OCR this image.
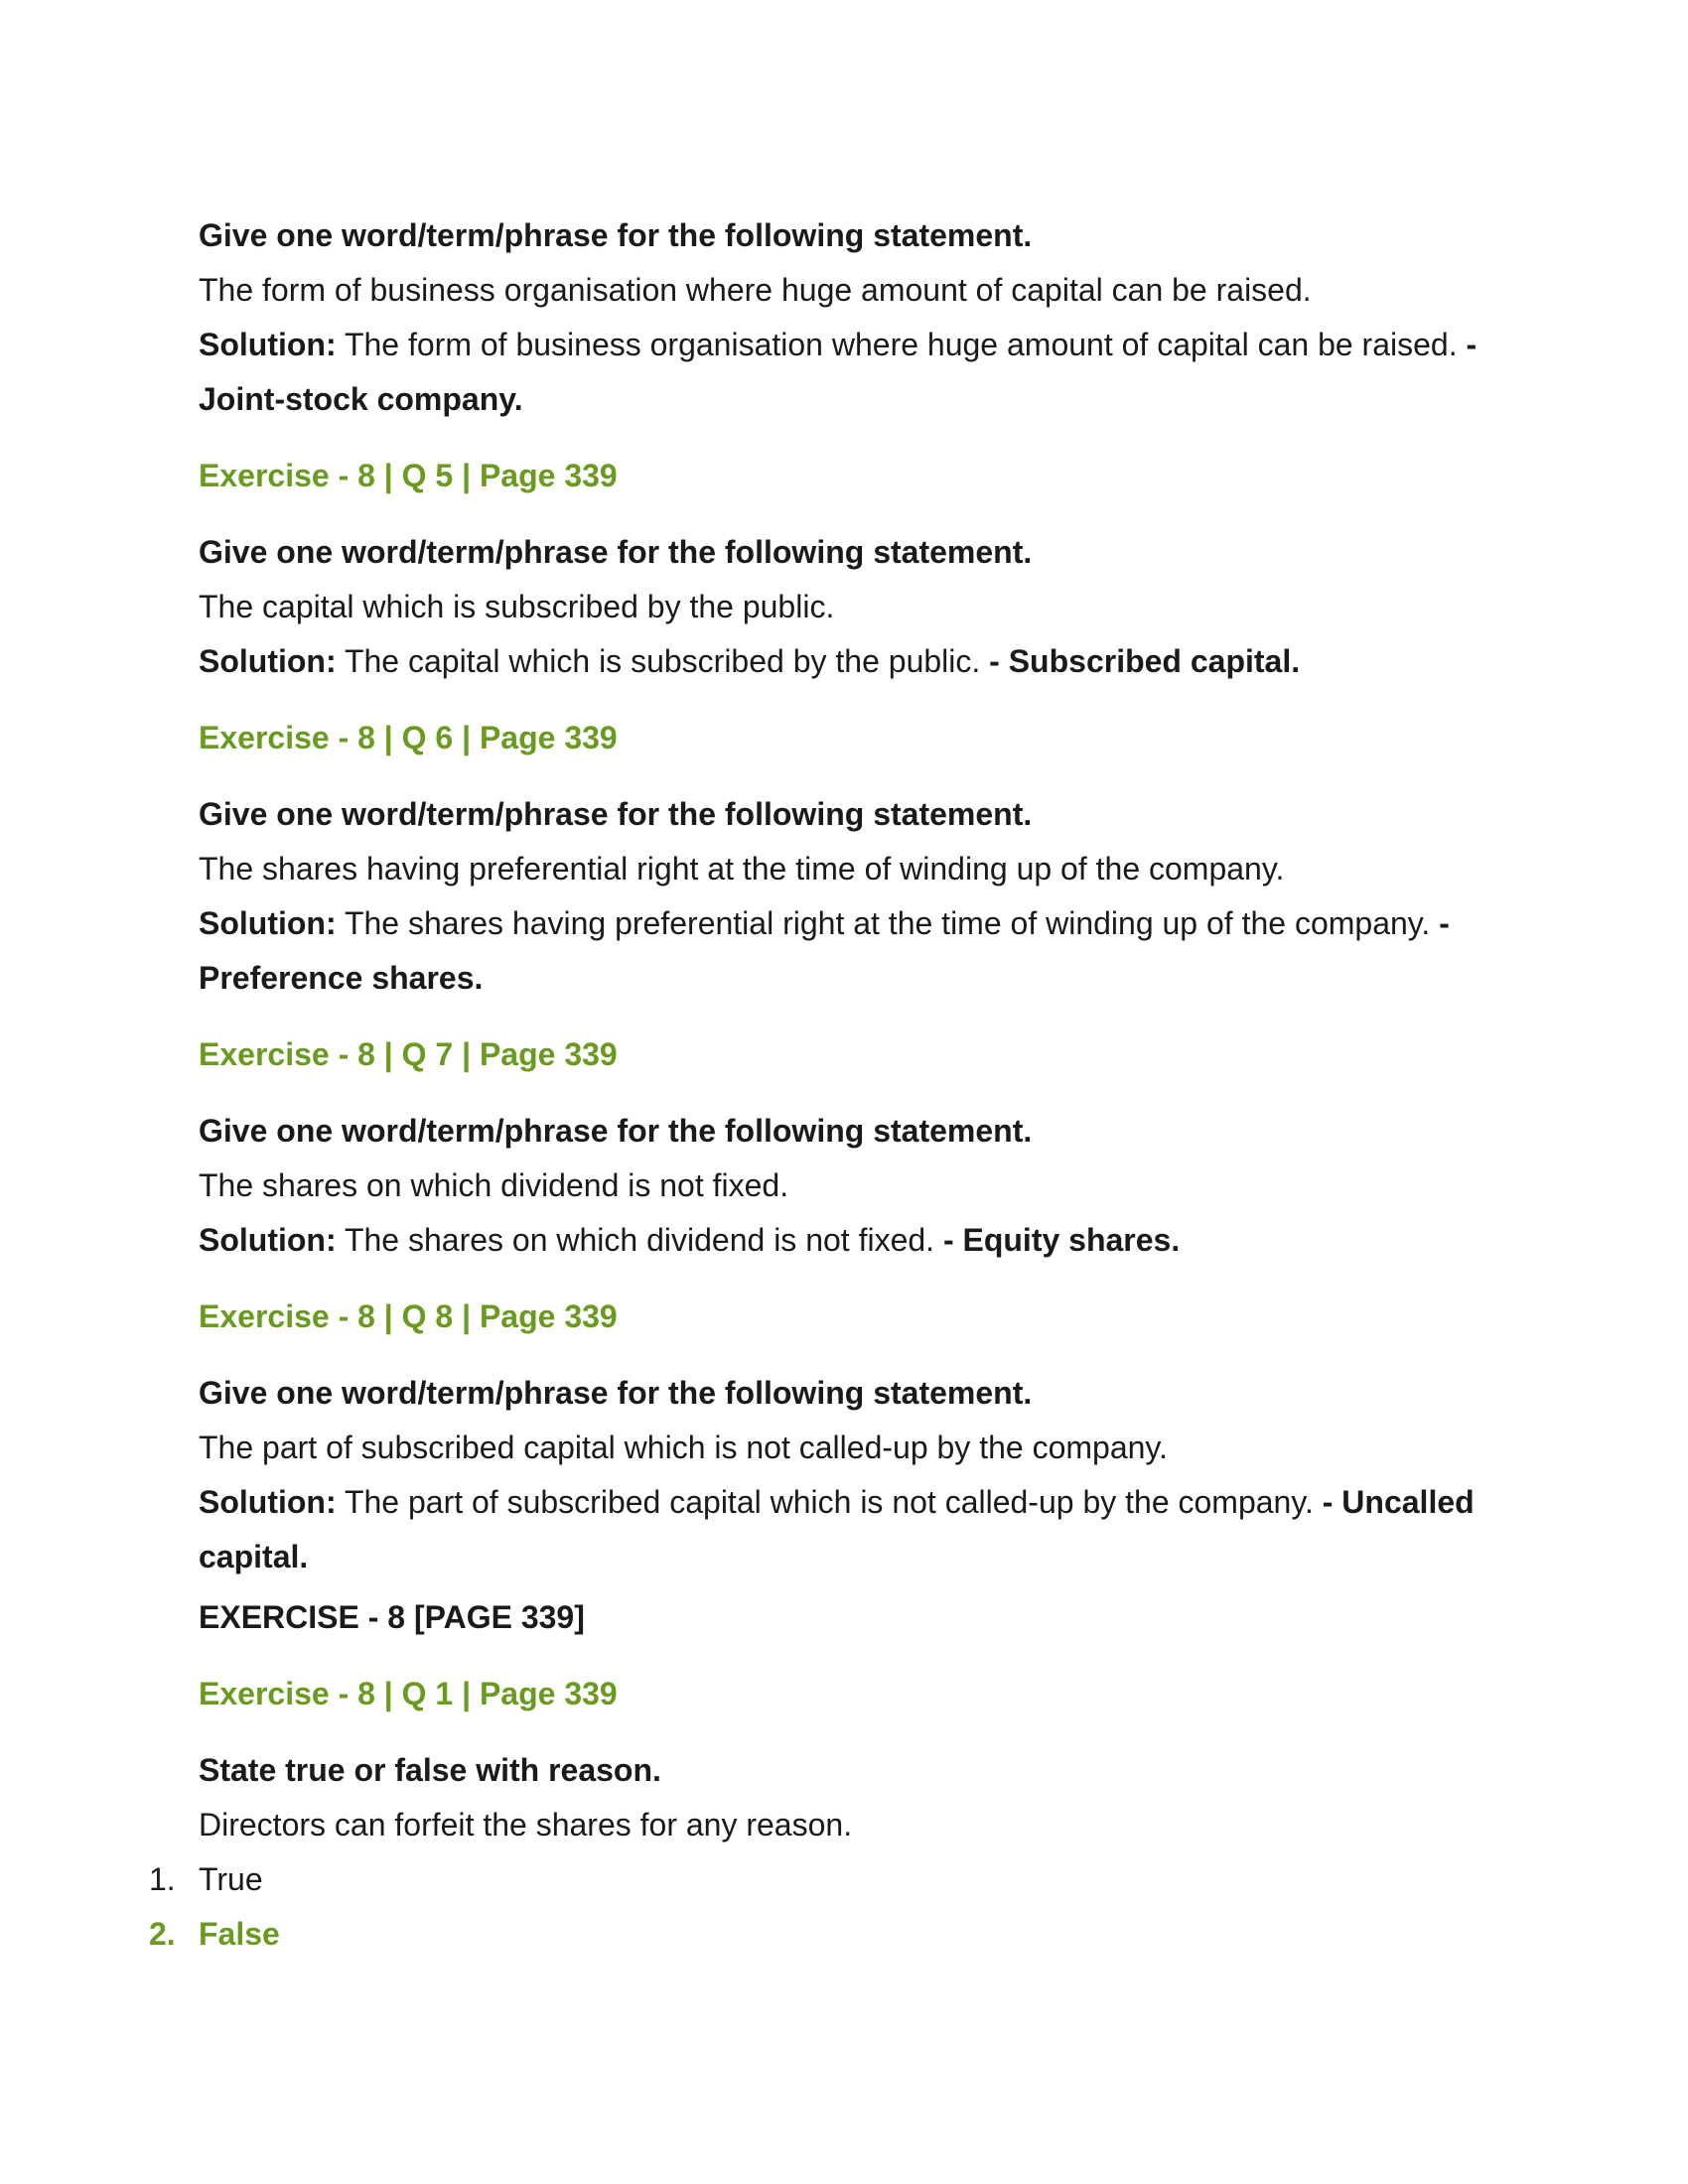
Give one word/term/phrase for the following statement.

The form of business organisation where huge amount of capital can be raised.

Solution: The form of business organisation where huge amount of capital can be raised. - Joint-stock company.

Exercise - 8 | Q 5 | Page 339

Give one word/term/phrase for the following statement.

The capital which is subscribed by the public.

Solution: The capital which is subscribed by the public. - Subscribed capital.

Exercise - 8 | Q 6 | Page 339

Give one word/term/phrase for the following statement.

The shares having preferential right at the time of winding up of the company.

Solution: The shares having preferential right at the time of winding up of the company. - Preference shares.

Exercise - 8 | Q 7 | Page 339

Give one word/term/phrase for the following statement.

The shares on which dividend is not fixed.

Solution: The shares on which dividend is not fixed. - Equity shares.

Exercise - 8 | Q 8 | Page 339

Give one word/term/phrase for the following statement.

The part of subscribed capital which is not called-up by the company.

Solution: The part of subscribed capital which is not called-up by the company. - Uncalled capital.

EXERCISE - 8 [PAGE 339]

Exercise - 8 | Q 1 | Page 339

State true or false with reason.

Directors can forfeit the shares for any reason.

1. True
2. False
